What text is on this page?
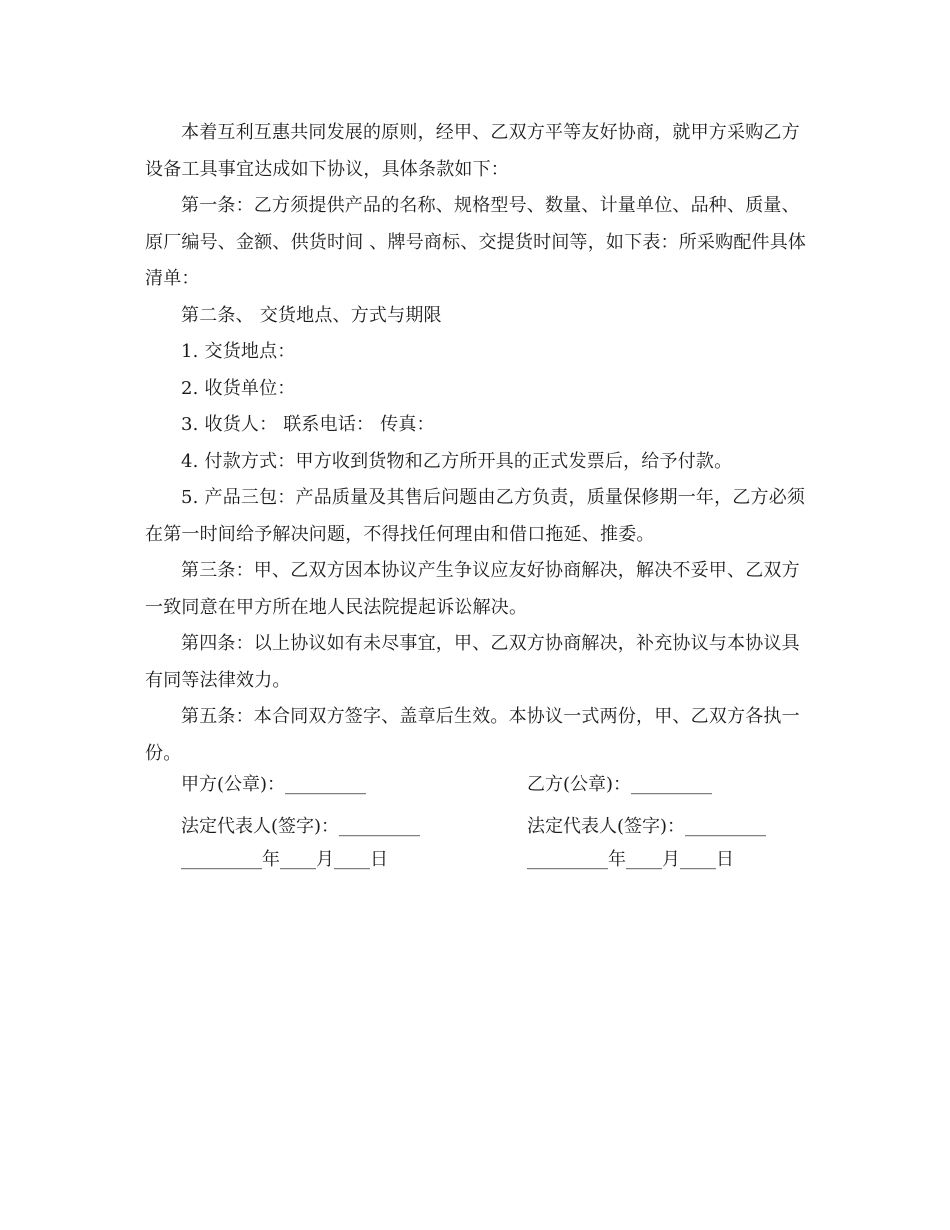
本着互利互惠共同发展的原则，经甲、乙双方平等友好协商，就甲方采购乙方设备工具事宜达成如下协议，具体条款如下：

第一条：乙方须提供产品的名称、规格型号、数量、计量单位、品种、质量、原厂编号、金额、供货时间 、牌号商标、交提货时间等，如下表：所采购配件具体清单：

第二条、 交货地点、方式与期限

1. 交货地点：

2. 收货单位：

3. 收货人： 联系电话： 传真：

4. 付款方式：甲方收到货物和乙方所开具的正式发票后，给予付款。

5. 产品三包：产品质量及其售后问题由乙方负责，质量保修期一年，乙方必须在第一时间给予解决问题，不得找任何理由和借口拖延、推委。

第三条：甲、乙双方因本协议产生争议应友好协商解决，解决不妥甲、乙双方一致同意在甲方所在地人民法院提起诉讼解决。

第四条：以上协议如有未尽事宜，甲、乙双方协商解决，补充协议与本协议具有同等法律效力。

第五条：本合同双方签字、盖章后生效。本协议一式两份，甲、乙双方各执一份。

甲方(公章)：_________	乙方(公章)：_________
法定代表人(签字)：_________	法定代表人(签字)：_________
_________年____月____日	_________年____月____日
